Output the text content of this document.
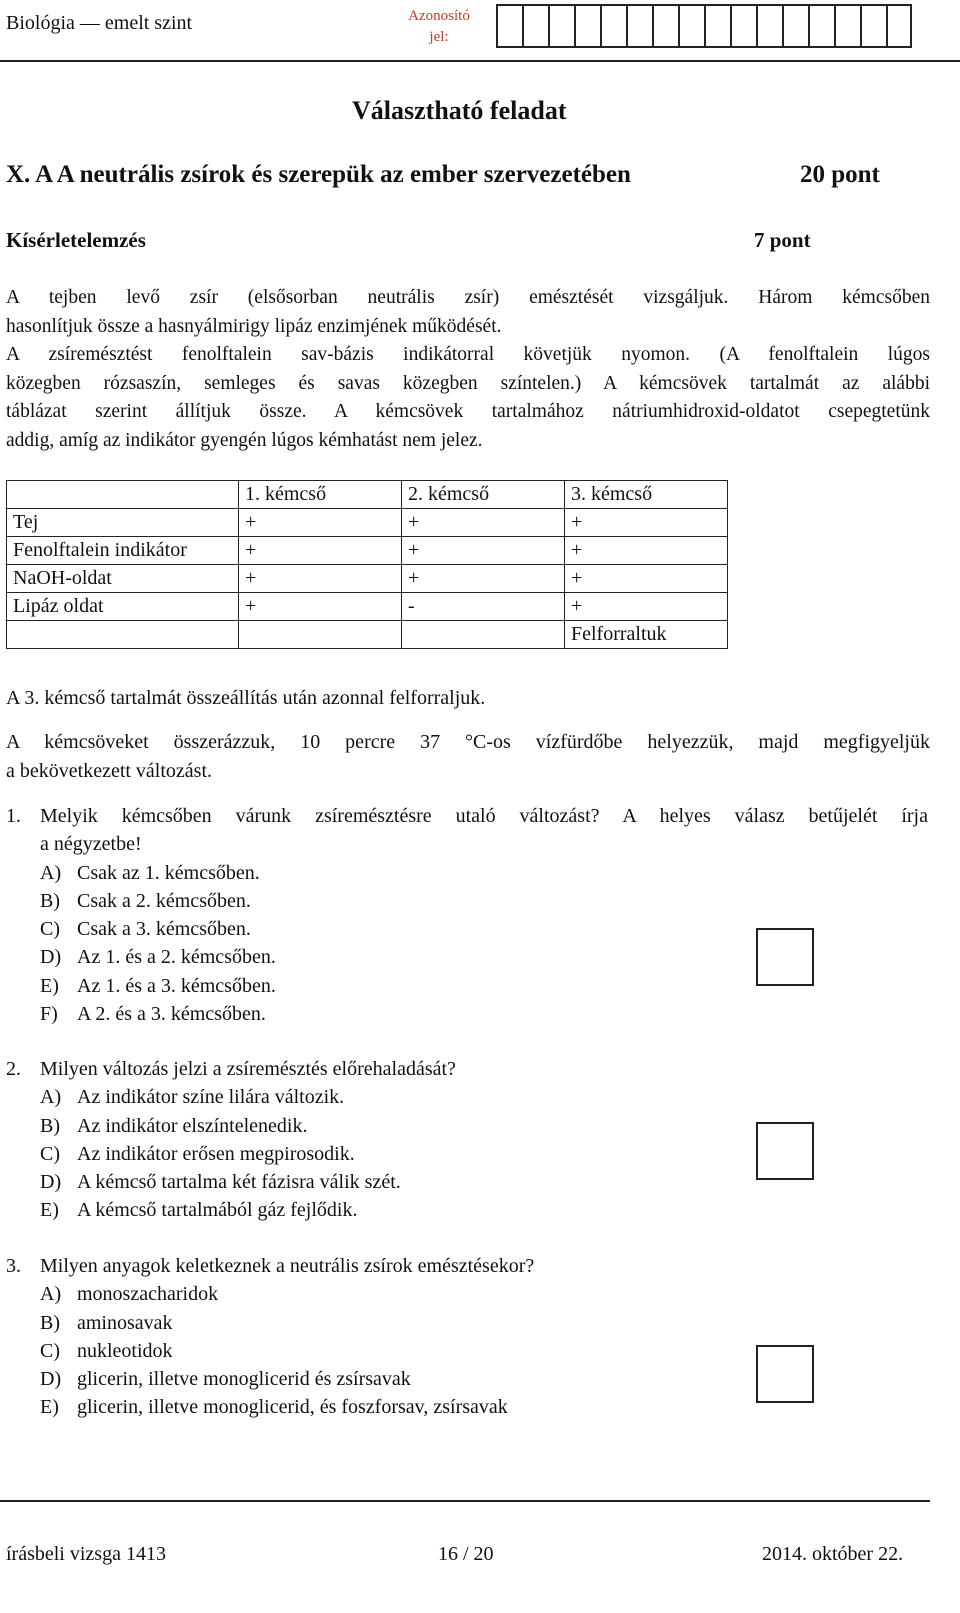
Biológia — emelt szint	Azonosító
jel:
Választható feladat
X. A A neutrális zsírok és szerepük az ember szervezetében	20 pont
Kísérletelemzés	7 pont
A tejben levő zsír (elsősorban neutrális zsír) emésztését vizsgáljuk. Három kémcsőben
hasonlítjuk össze a hasnyálmirigy lipáz enzimjének működését.
A zsíremésztést fenolftalein sav-bázis indikátorral követjük nyomon. (A fenolftalein lúgos
közegben rózsaszín, semleges és savas közegben színtelen.) A kémcsövek tartalmát az alábbi
táblázat szerint állítjuk össze. A kémcsövek tartalmához nátriumhidroxid-oldatot csepegtetünk
addig, amíg az indikátor gyengén lúgos kémhatást nem jelez.
	1. kémcső	2. kémcső	3. kémcső
Tej	+	+	+
Fenolftalein indikátor	+	+	+
NaOH-oldat	+	+	+
Lipáz oldat	+	-	+
			Felforraltuk
A 3. kémcső tartalmát összeállítás után azonnal felforraljuk.
A kémcsöveket összerázzuk, 10 percre 37 °C-os vízfürdőbe helyezzük, majd megfigyeljük
a bekövetkezett változást.
1. Melyik kémcsőben várunk zsíremésztésre utaló változást? A helyes válasz betűjelét írja
a négyzetbe!
A) Csak az 1. kémcsőben.
B) Csak a 2. kémcsőben.
C) Csak a 3. kémcsőben.
D) Az 1. és a 2. kémcsőben.
E) Az 1. és a 3. kémcsőben.
F) A 2. és a 3. kémcsőben.
2. Milyen változás jelzi a zsíremésztés előrehaladását?
A) Az indikátor színe lilára változik.
B) Az indikátor elszíntelenedik.
C) Az indikátor erősen megpirosodik.
D) A kémcső tartalma két fázisra válik szét.
E) A kémcső tartalmából gáz fejlődik.
3. Milyen anyagok keletkeznek a neutrális zsírok emésztésekor?
A) monoszacharidok
B) aminosavak
C) nukleotidok
D) glicerin, illetve monoglicerid és zsírsavak
E) glicerin, illetve monoglicerid, és foszforsav, zsírsavak
írásbeli vizsga 1413	16 / 20	2014. október 22.
